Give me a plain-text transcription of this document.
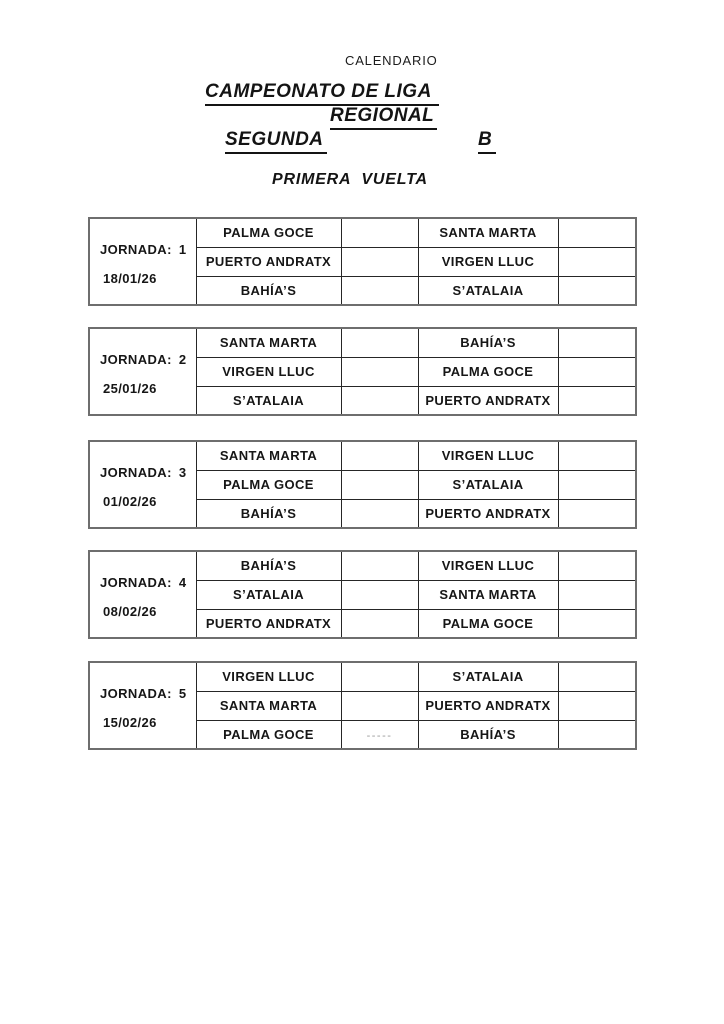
CALENDARIO
CAMPEONATO DE LIGA
REGIONAL
SEGUNDA	B
PRIMERA VUELTA
JORNADA: 1
18/01/26	PALMA GOCE		SANTA MARTA	
	PUERTO ANDRATX		VIRGEN LLUC	
	BAHÍA’S		S’ATALAIA	
JORNADA: 2
25/01/26	SANTA MARTA		BAHÍA’S	
	VIRGEN LLUC		PALMA GOCE	
	S’ATALAIA		PUERTO ANDRATX	
JORNADA: 3
01/02/26	SANTA MARTA		VIRGEN LLUC	
	PALMA GOCE		S’ATALAIA	
	BAHÍA’S		PUERTO ANDRATX	
JORNADA: 4
08/02/26	BAHÍA’S		VIRGEN LLUC	
	S’ATALAIA		SANTA MARTA	
	PUERTO ANDRATX		PALMA GOCE	
JORNADA: 5
15/02/26	VIRGEN LLUC		S’ATALAIA	
	SANTA MARTA		PUERTO ANDRATX	
	PALMA GOCE	-----	BAHÍA’S	
